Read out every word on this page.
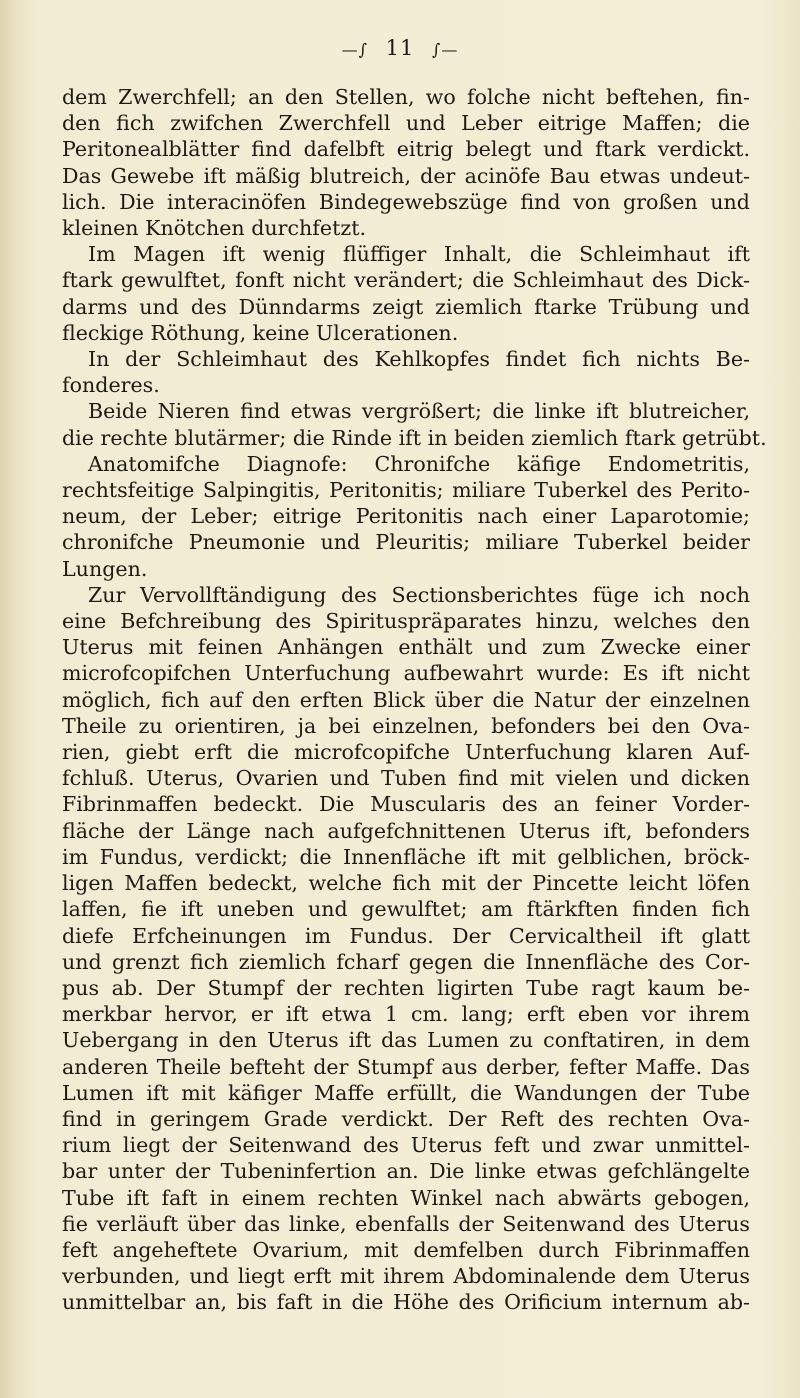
—∫ 11 ∫—
dem Zwerchfell; an den Stellen, wo folche nicht beftehen, fin-
den fich zwifchen Zwerchfell und Leber eitrige Maffen; die
Peritonealblätter find dafelbft eitrig belegt und ftark verdickt.
Das Gewebe ift mäßig blutreich, der acinöfe Bau etwas undeut-
lich. Die interacinöfen Bindegewebszüge find von großen und
kleinen Knötchen durchfetzt.
Im Magen ift wenig flüffiger Inhalt, die Schleimhaut ift
ftark gewulftet, fonft nicht verändert; die Schleimhaut des Dick-
darms und des Dünndarms zeigt ziemlich ftarke Trübung und
fleckige Röthung, keine Ulcerationen.
In der Schleimhaut des Kehlkopfes findet fich nichts Be-
fonderes.
Beide Nieren find etwas vergrößert; die linke ift blutreicher,
die rechte blutärmer; die Rinde ift in beiden ziemlich ftark getrübt.
Anatomifche Diagnofe: Chronifche käfige Endometritis,
rechtsfeitige Salpingitis, Peritonitis; miliare Tuberkel des Perito-
neum, der Leber; eitrige Peritonitis nach einer Laparotomie;
chronifche Pneumonie und Pleuritis; miliare Tuberkel beider
Lungen.
Zur Vervollftändigung des Sectionsberichtes füge ich noch
eine Befchreibung des Spirituspräparates hinzu, welches den
Uterus mit feinen Anhängen enthält und zum Zwecke einer
microfcopifchen Unterfuchung aufbewahrt wurde: Es ift nicht
möglich, fich auf den erften Blick über die Natur der einzelnen
Theile zu orientiren, ja bei einzelnen, befonders bei den Ova-
rien, giebt erft die microfcopifche Unterfuchung klaren Auf-
fchluß. Uterus, Ovarien und Tuben find mit vielen und dicken
Fibrinmaffen bedeckt. Die Muscularis des an feiner Vorder-
fläche der Länge nach aufgefchnittenen Uterus ift, befonders
im Fundus, verdickt; die Innenfläche ift mit gelblichen, bröck-
ligen Maffen bedeckt, welche fich mit der Pincette leicht löfen
laffen, fie ift uneben und gewulftet; am ftärkften finden fich
diefe Erfcheinungen im Fundus. Der Cervicaltheil ift glatt
und grenzt fich ziemlich fcharf gegen die Innenfläche des Cor-
pus ab. Der Stumpf der rechten ligirten Tube ragt kaum be-
merkbar hervor, er ift etwa 1 cm. lang; erft eben vor ihrem
Uebergang in den Uterus ift das Lumen zu conftatiren, in dem
anderen Theile befteht der Stumpf aus derber, fefter Maffe. Das
Lumen ift mit käfiger Maffe erfüllt, die Wandungen der Tube
find in geringem Grade verdickt. Der Reft des rechten Ova-
rium liegt der Seitenwand des Uterus feft und zwar unmittel-
bar unter der Tubeninfertion an. Die linke etwas gefchlängelte
Tube ift faft in einem rechten Winkel nach abwärts gebogen,
fie verläuft über das linke, ebenfalls der Seitenwand des Uterus
feft angeheftete Ovarium, mit demfelben durch Fibrinmaffen
verbunden, und liegt erft mit ihrem Abdominalende dem Uterus
unmittelbar an, bis faft in die Höhe des Orificium internum ab-
